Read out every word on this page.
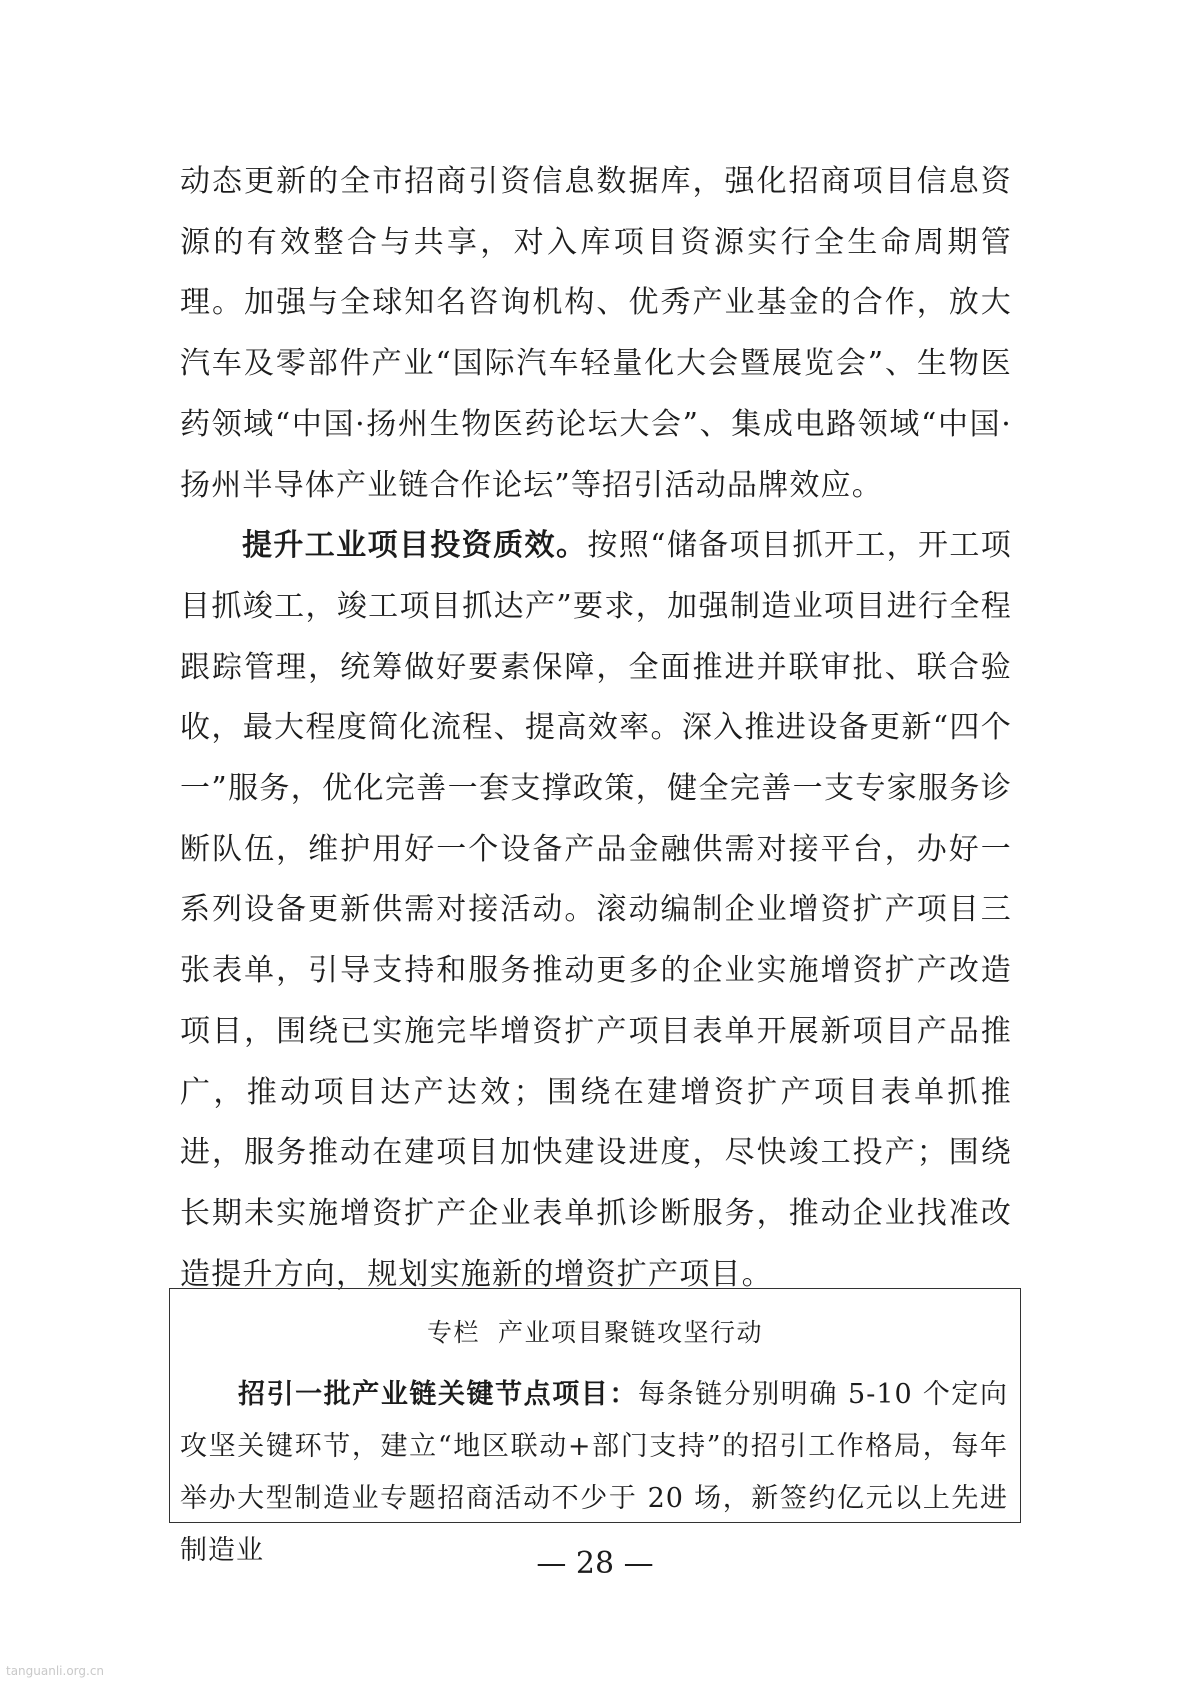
动态更新的全市招商引资信息数据库，强化招商项目信息资源的有效整合与共享，对入库项目资源实行全生命周期管理。加强与全球知名咨询机构、优秀产业基金的合作，放大汽车及零部件产业“国际汽车轻量化大会暨展览会”、生物医药领域“中国·扬州生物医药论坛大会”、集成电路领域“中国·扬州半导体产业链合作论坛”等招引活动品牌效应。

提升工业项目投资质效。按照“储备项目抓开工，开工项目抓竣工，竣工项目抓达产”要求，加强制造业项目进行全程跟踪管理，统筹做好要素保障，全面推进并联审批、联合验收，最大程度简化流程、提高效率。深入推进设备更新“四个一”服务，优化完善一套支撑政策，健全完善一支专家服务诊断队伍，维护用好一个设备产品金融供需对接平台，办好一系列设备更新供需对接活动。滚动编制企业增资扩产项目三张表单，引导支持和服务推动更多的企业实施增资扩产改造项目，围绕已实施完毕增资扩产项目表单开展新项目产品推广，推动项目达产达效；围绕在建增资扩产项目表单抓推进，服务推动在建项目加快建设进度，尽快竣工投产；围绕长期未实施增资扩产企业表单抓诊断服务，推动企业找准改造提升方向，规划实施新的增资扩产项目。

专栏 产业项目聚链攻坚行动

招引一批产业链关键节点项目：每条链分别明确 5-10 个定向攻坚关键环节，建立“地区联动+部门支持”的招引工作格局，每年举办大型制造业专题招商活动不少于 20 场，新签约亿元以上先进制造业	— 28 —
tanguanli.org.cn
